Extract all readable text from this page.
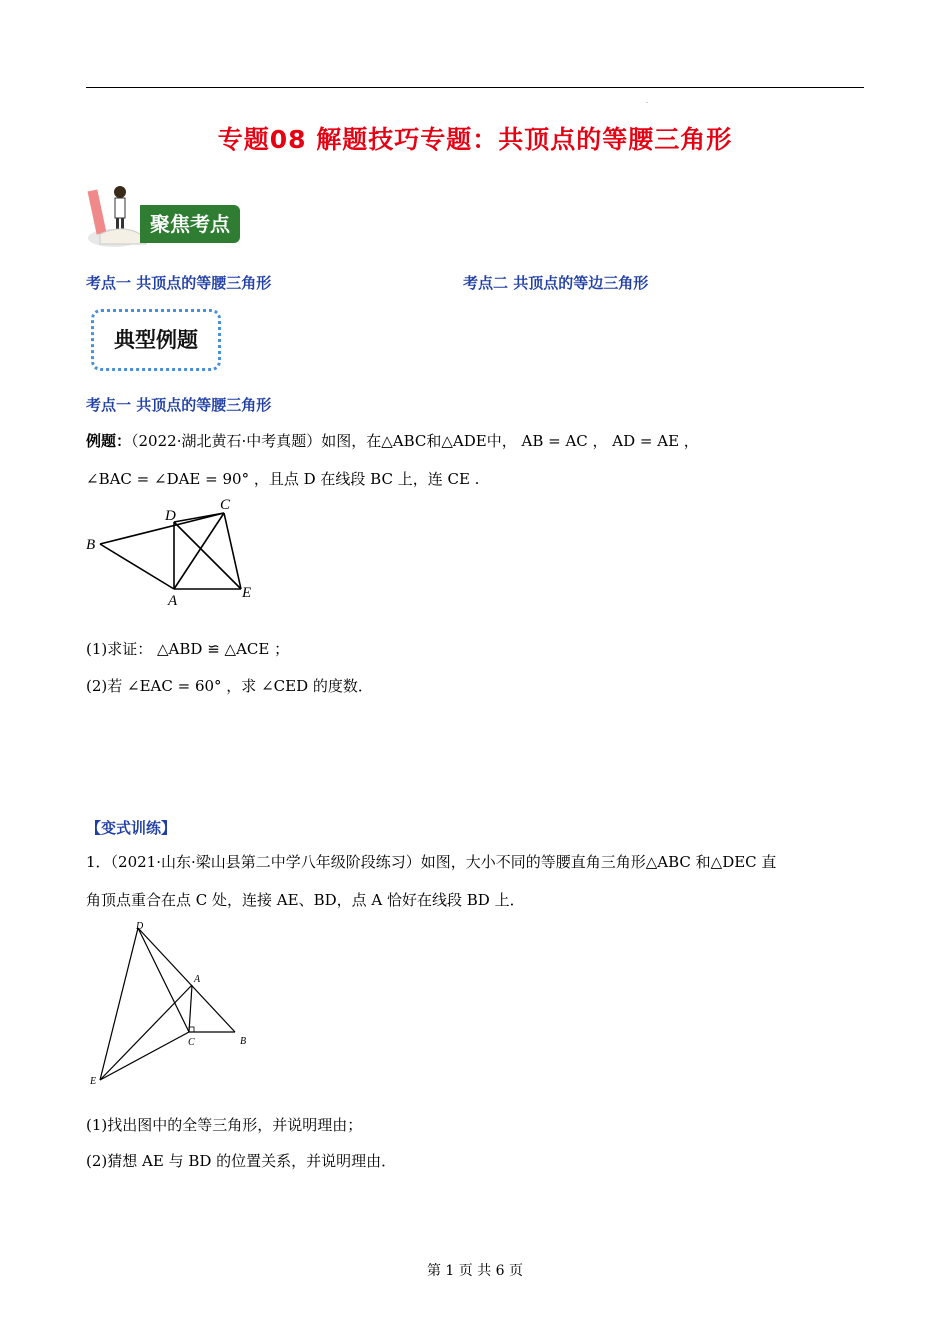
.
专题08 解题技巧专题：共顶点的等腰三角形
聚焦考点
考点一 共顶点的等腰三角形	考点二 共顶点的等边三角形
典型例题
考点一 共顶点的等腰三角形
例题：（2022·湖北黄石·中考真题）如图，在△ABC和△ADE中， AB = AC ， AD = AE ，
∠BAC = ∠DAE = 90° ，且点 D 在线段 BC 上，连 CE .
B
D
C
A	E
(1)求证： △ABD ≌ △ACE ；
(2)若 ∠EAC = 60° ，求 ∠CED 的度数．
【变式训练】
1．（2021·山东·梁山县第二中学八年级阶段练习）如图，大小不同的等腰直角三角形△ABC 和△DEC 直
角顶点重合在点 C 处，连接 AE、BD，点 A 恰好在线段 BD 上．
D
A
B
C
E
(1)找出图中的全等三角形，并说明理由；
(2)猜想 AE 与 BD 的位置关系，并说明理由．
第 1 页 共 6 页
